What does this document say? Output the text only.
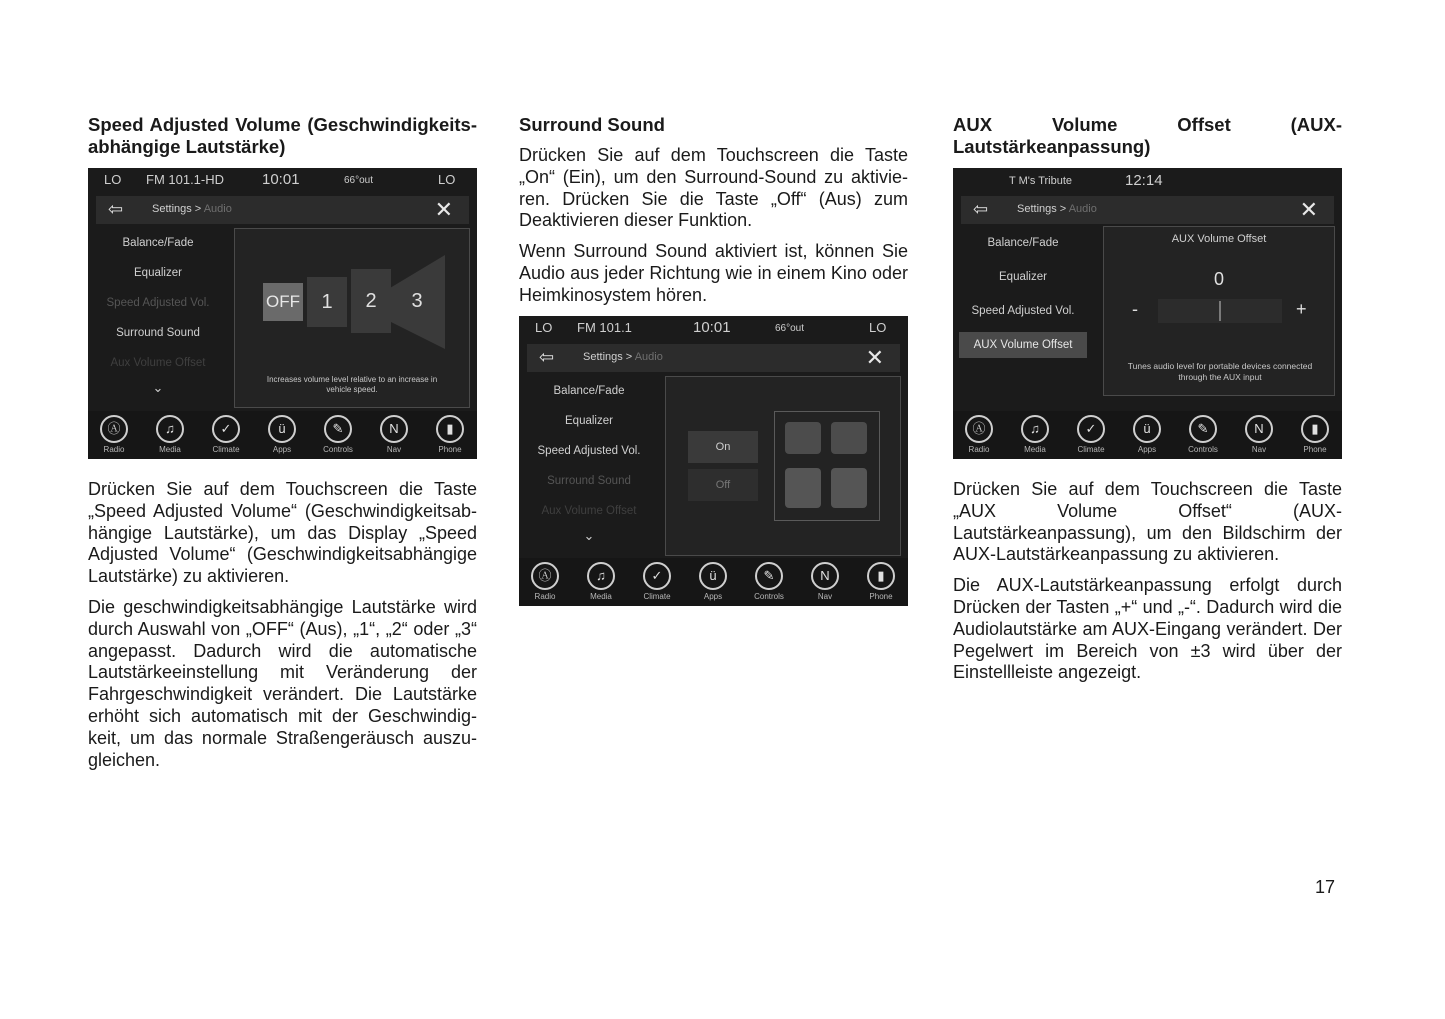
Speed Adjusted Volume (Geschwindigkeits-abhängige Lautstärke)
LO FM 101.1-HD	10:01	66°out	LO
⇦	Settings > Audio	✕
Balance/Fade
Equalizer
Speed Adjusted Vol.
Surround Sound
Aux Volume Offset
⌄
OFF	1	2	3
Increases volume level relative to an increase in vehicle speed.
Ⓐ
Radio
♫
Media
✓
Climate
ü
Apps
✎
Controls
N
Nav
▮
Phone

Drücken Sie auf dem Touchscreen die Taste „Speed Adjusted Volume“ (Geschwindigkeitsab-hängige Lautstärke), um das Display „Speed Adjusted Volume“ (Geschwindigkeitsabhängige Lautstärke) zu aktivieren.

Die geschwindigkeitsabhängige Lautstärke wird durch Auswahl von „OFF“ (Aus), „1“, „2“ oder „3“ angepasst. Dadurch wird die automatische Lautstärkeeinstellung mit Veränderung der Fahrgeschwindigkeit verändert. Die Lautstärke erhöht sich automatisch mit der Geschwindig-keit, um das normale Straßengeräusch auszu-gleichen.

Surround Sound

Drücken Sie auf dem Touchscreen die Taste „On“ (Ein), um den Surround-Sound zu aktivie-ren. Drücken Sie die Taste „Off“ (Aus) zum Deaktivieren dieser Funktion.

Wenn Surround Sound aktiviert ist, können Sie Audio aus jeder Richtung wie in einem Kino oder Heimkinosystem hören.

LO FM 101.1	10:01	66°out	LO
⇦	Settings > Audio	✕
Balance/Fade
Equalizer
Speed Adjusted Vol.
Surround Sound
Aux Volume Offset
⌄
On
Off
Ⓐ
Radio
♫
Media
✓
Climate
ü
Apps
✎
Controls
N
Nav
▮
Phone
AUX Volume Offset (AUX-
Lautstärkeanpassung)
T M's Tribute	12:14
⇦	Settings > Audio	✕
Balance/Fade
Equalizer
Speed Adjusted Vol.
AUX Volume Offset
AUX Volume Offset
0
-	+
Tunes audio level for portable devices connected through the AUX input
Ⓐ
Radio
♫
Media
✓
Climate
ü
Apps
✎
Controls
N
Nav
▮
Phone

Drücken Sie auf dem Touchscreen die Taste „AUX Volume Offset“ (AUX-Lautstärkeanpassung), um den Bildschirm der AUX-Lautstärkeanpassung zu aktivieren.

Die AUX-Lautstärkeanpassung erfolgt durch Drücken der Tasten „+“ und „-“. Dadurch wird die Audiolautstärke am AUX-Eingang verändert. Der Pegelwert im Bereich von ±3 wird über der Einstellleiste angezeigt.

17
